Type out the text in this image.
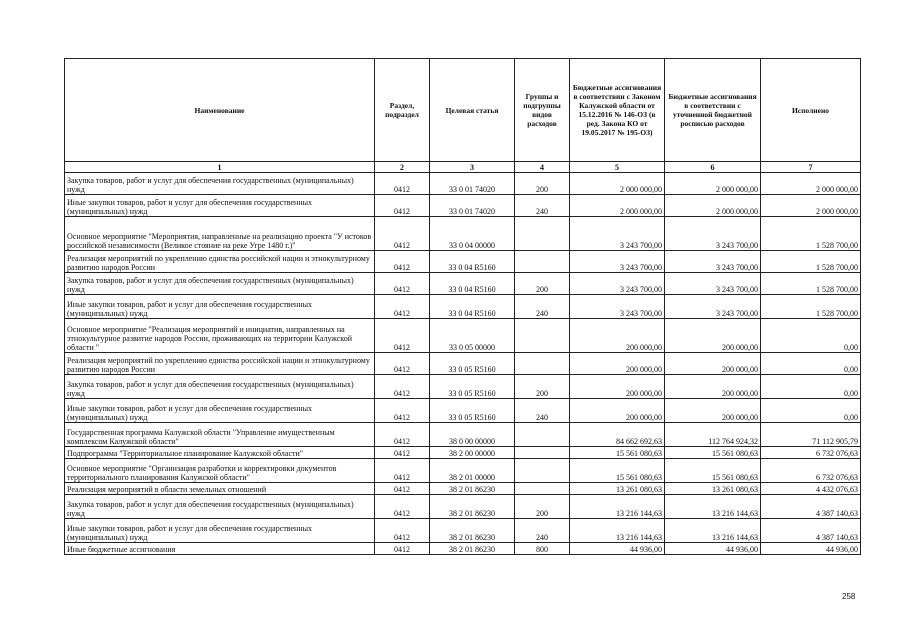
Наименование	Раздел, подраздел	Целевая статья	Группы и подгруппы видов расходов	Бюджетные ассигнования в соответствии с Законом Калужской области от 15.12.2016 № 146-ОЗ (в ред. Закона КО от 19.05.2017 № 195-ОЗ)	Бюджетные ассигнования в соответствии с уточненной бюджетной росписью расходов	Исполнено
1	2	3	4	5	6	7
Закупка товаров, работ и услуг для обеспечения государственных (муниципальных) нужд	0412	33 0 01 74020	200	2 000 000,00	2 000 000,00	2 000 000,00
Иные закупки товаров, работ и услуг для обеспечения государственных (муниципальных) нужд	0412	33 0 01 74020	240	2 000 000,00	2 000 000,00	2 000 000,00
Основное мероприятие "Мероприятия, направленные на реализацию проекта "У истоков российской независимости (Великое стояние на реке Угре 1480 г.)"	0412	33 0 04 00000		3 243 700,00	3 243 700,00	1 528 700,00
Реализация мероприятий по укреплению единства российской нации и этнокультурному развитию народов России	0412	33 0 04 R5160		3 243 700,00	3 243 700,00	1 528 700,00
Закупка товаров, работ и услуг для обеспечения государственных (муниципальных) нужд	0412	33 0 04 R5160	200	3 243 700,00	3 243 700,00	1 528 700,00
Иные закупки товаров, работ и услуг для обеспечения государственных (муниципальных) нужд	0412	33 0 04 R5160	240	3 243 700,00	3 243 700,00	1 528 700,00
Основное мероприятие "Реализация мероприятий и инициатив, направленных на этнокультурное развитие народов России, проживающих на территории Калужской области "	0412	33 0 05 00000		200 000,00	200 000,00	0,00
Реализация мероприятий по укреплению единства российской нации и этнокультурному развитию народов России	0412	33 0 05 R5160		200 000,00	200 000,00	0,00
Закупка товаров, работ и услуг для обеспечения государственных (муниципальных) нужд	0412	33 0 05 R5160	200	200 000,00	200 000,00	0,00
Иные закупки товаров, работ и услуг для обеспечения государственных (муниципальных) нужд	0412	33 0 05 R5160	240	200 000,00	200 000,00	0,00
Государственная программа Калужской области "Управление имущественным комплексом Калужской области"	0412	38 0 00 00000		84 662 692,63	112 764 924,32	71 112 905,79
Подпрограмма "Территориальное планирование Калужской области"	0412	38 2 00 00000		15 561 080,63	15 561 080,63	6 732 076,63
Основное мероприятие "Организация разработки и корректировки документов территориального планирования Калужской области"	0412	38 2 01 00000		15 561 080,63	15 561 080,63	6 732 076,63
Реализация мероприятий в области земельных отношений	0412	38 2 01 86230		13 261 080,63	13 261 080,63	4 432 076,63
Закупка товаров, работ и услуг для обеспечения государственных (муниципальных) нужд	0412	38 2 01 86230	200	13 216 144,63	13 216 144,63	4 387 140,63
Иные закупки товаров, работ и услуг для обеспечения государственных (муниципальных) нужд	0412	38 2 01 86230	240	13 216 144,63	13 216 144,63	4 387 140,63
Иные бюджетные ассигнования	0412	38 2 01 86230	800	44 936,00	44 936,00	44 936,00
258
